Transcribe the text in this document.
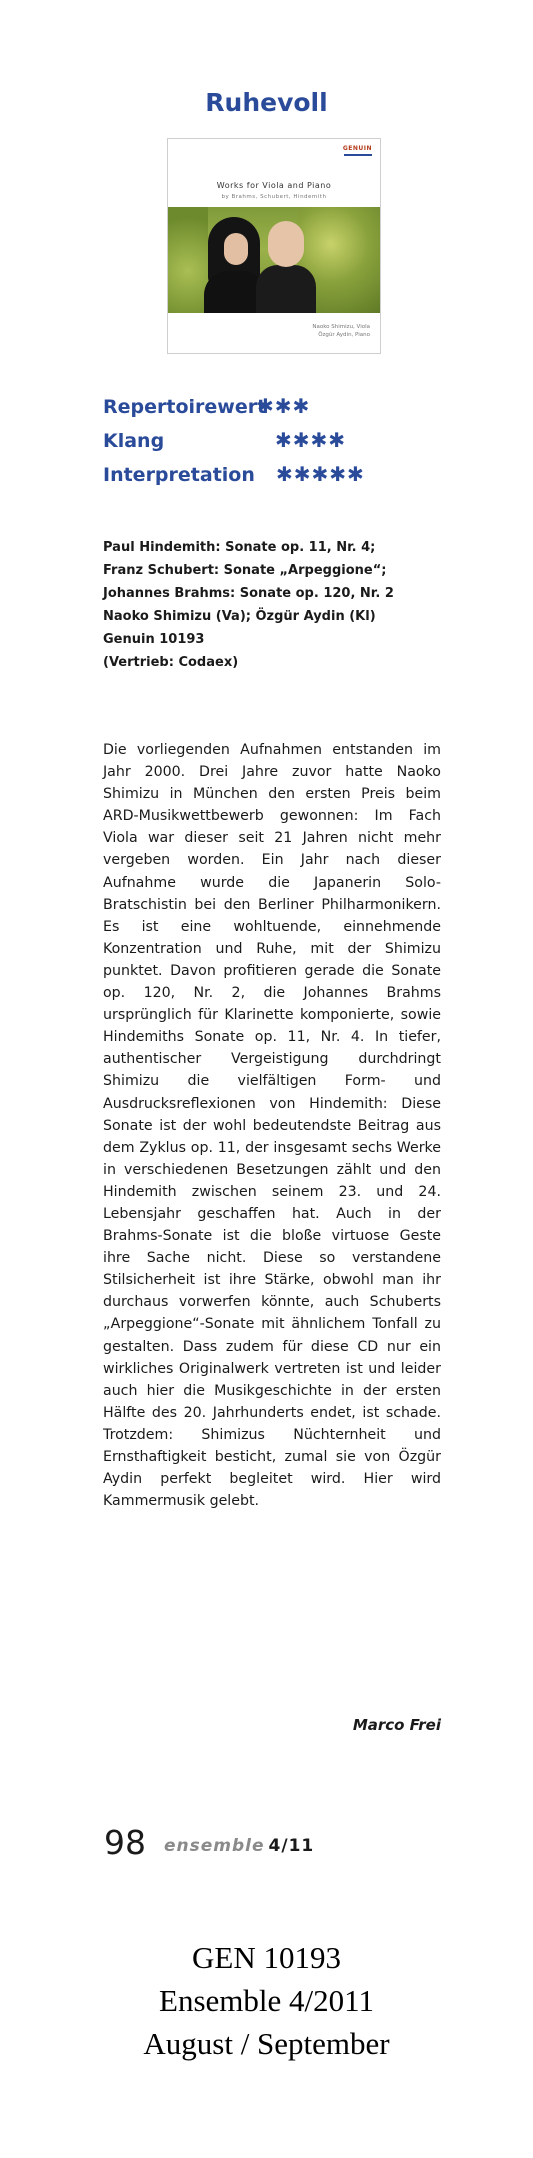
Ruhevoll
GENUIN
Works for Viola and Piano
by Brahms, Schubert, Hindemith
Naoko Shimizu, Viola
Özgür Aydin, Piano
Repertoirewert
✱✱✱
Klang	✱✱✱✱
Interpretation ✱✱✱✱✱
Paul Hindemith: Sonate op. 11, Nr. 4;
Franz Schubert: Sonate „Arpeggione“;
Johannes Brahms: Sonate op. 120, Nr. 2
Naoko Shimizu (Va); Özgür Aydin (Kl)
Genuin 10193
(Vertrieb: Codaex)
Die vorliegenden Aufnahmen entstanden im Jahr 2000. Drei Jahre zuvor hatte Naoko Shimizu in München den ersten Preis beim ARD-Musikwettbewerb gewonnen: Im Fach Viola war dieser seit 21 Jahren nicht mehr vergeben worden. Ein Jahr nach dieser Aufnahme wurde die Japanerin Solo-Bratschistin bei den Berliner Philharmonikern. Es ist eine wohltuende, einnehmende Konzentration und Ruhe, mit der Shimizu punktet. Davon profitieren gerade die Sonate op. 120, Nr. 2, die Johannes Brahms ursprünglich für Klarinette komponierte, sowie Hindemiths Sonate op. 11, Nr. 4. In tiefer, authentischer Vergeistigung durchdringt Shimizu die vielfältigen Form- und Ausdrucksreflexionen von Hindemith: Diese Sonate ist der wohl bedeutendste Beitrag aus dem Zyklus op. 11, der insgesamt sechs Werke in verschiedenen Besetzungen zählt und den Hindemith zwischen seinem 23. und 24. Lebensjahr geschaffen hat. Auch in der Brahms-Sonate ist die bloße virtuose Geste ihre Sache nicht. Diese so verstandene Stilsicherheit ist ihre Stärke, obwohl man ihr durchaus vorwerfen könnte, auch Schuberts „Arpeggione“-Sonate mit ähnlichem Tonfall zu gestalten. Dass zudem für diese CD nur ein wirkliches Originalwerk vertreten ist und leider auch hier die Musikgeschichte in der ersten Hälfte des 20. Jahrhunderts endet, ist schade. Trotzdem: Shimizus Nüchternheit und Ernsthaftigkeit besticht, zumal sie von Özgür Aydin perfekt begleitet wird. Hier wird Kammermusik gelebt.
Marco Frei
98 ensemble 4/11
GEN 10193
Ensemble 4/2011
August / September
